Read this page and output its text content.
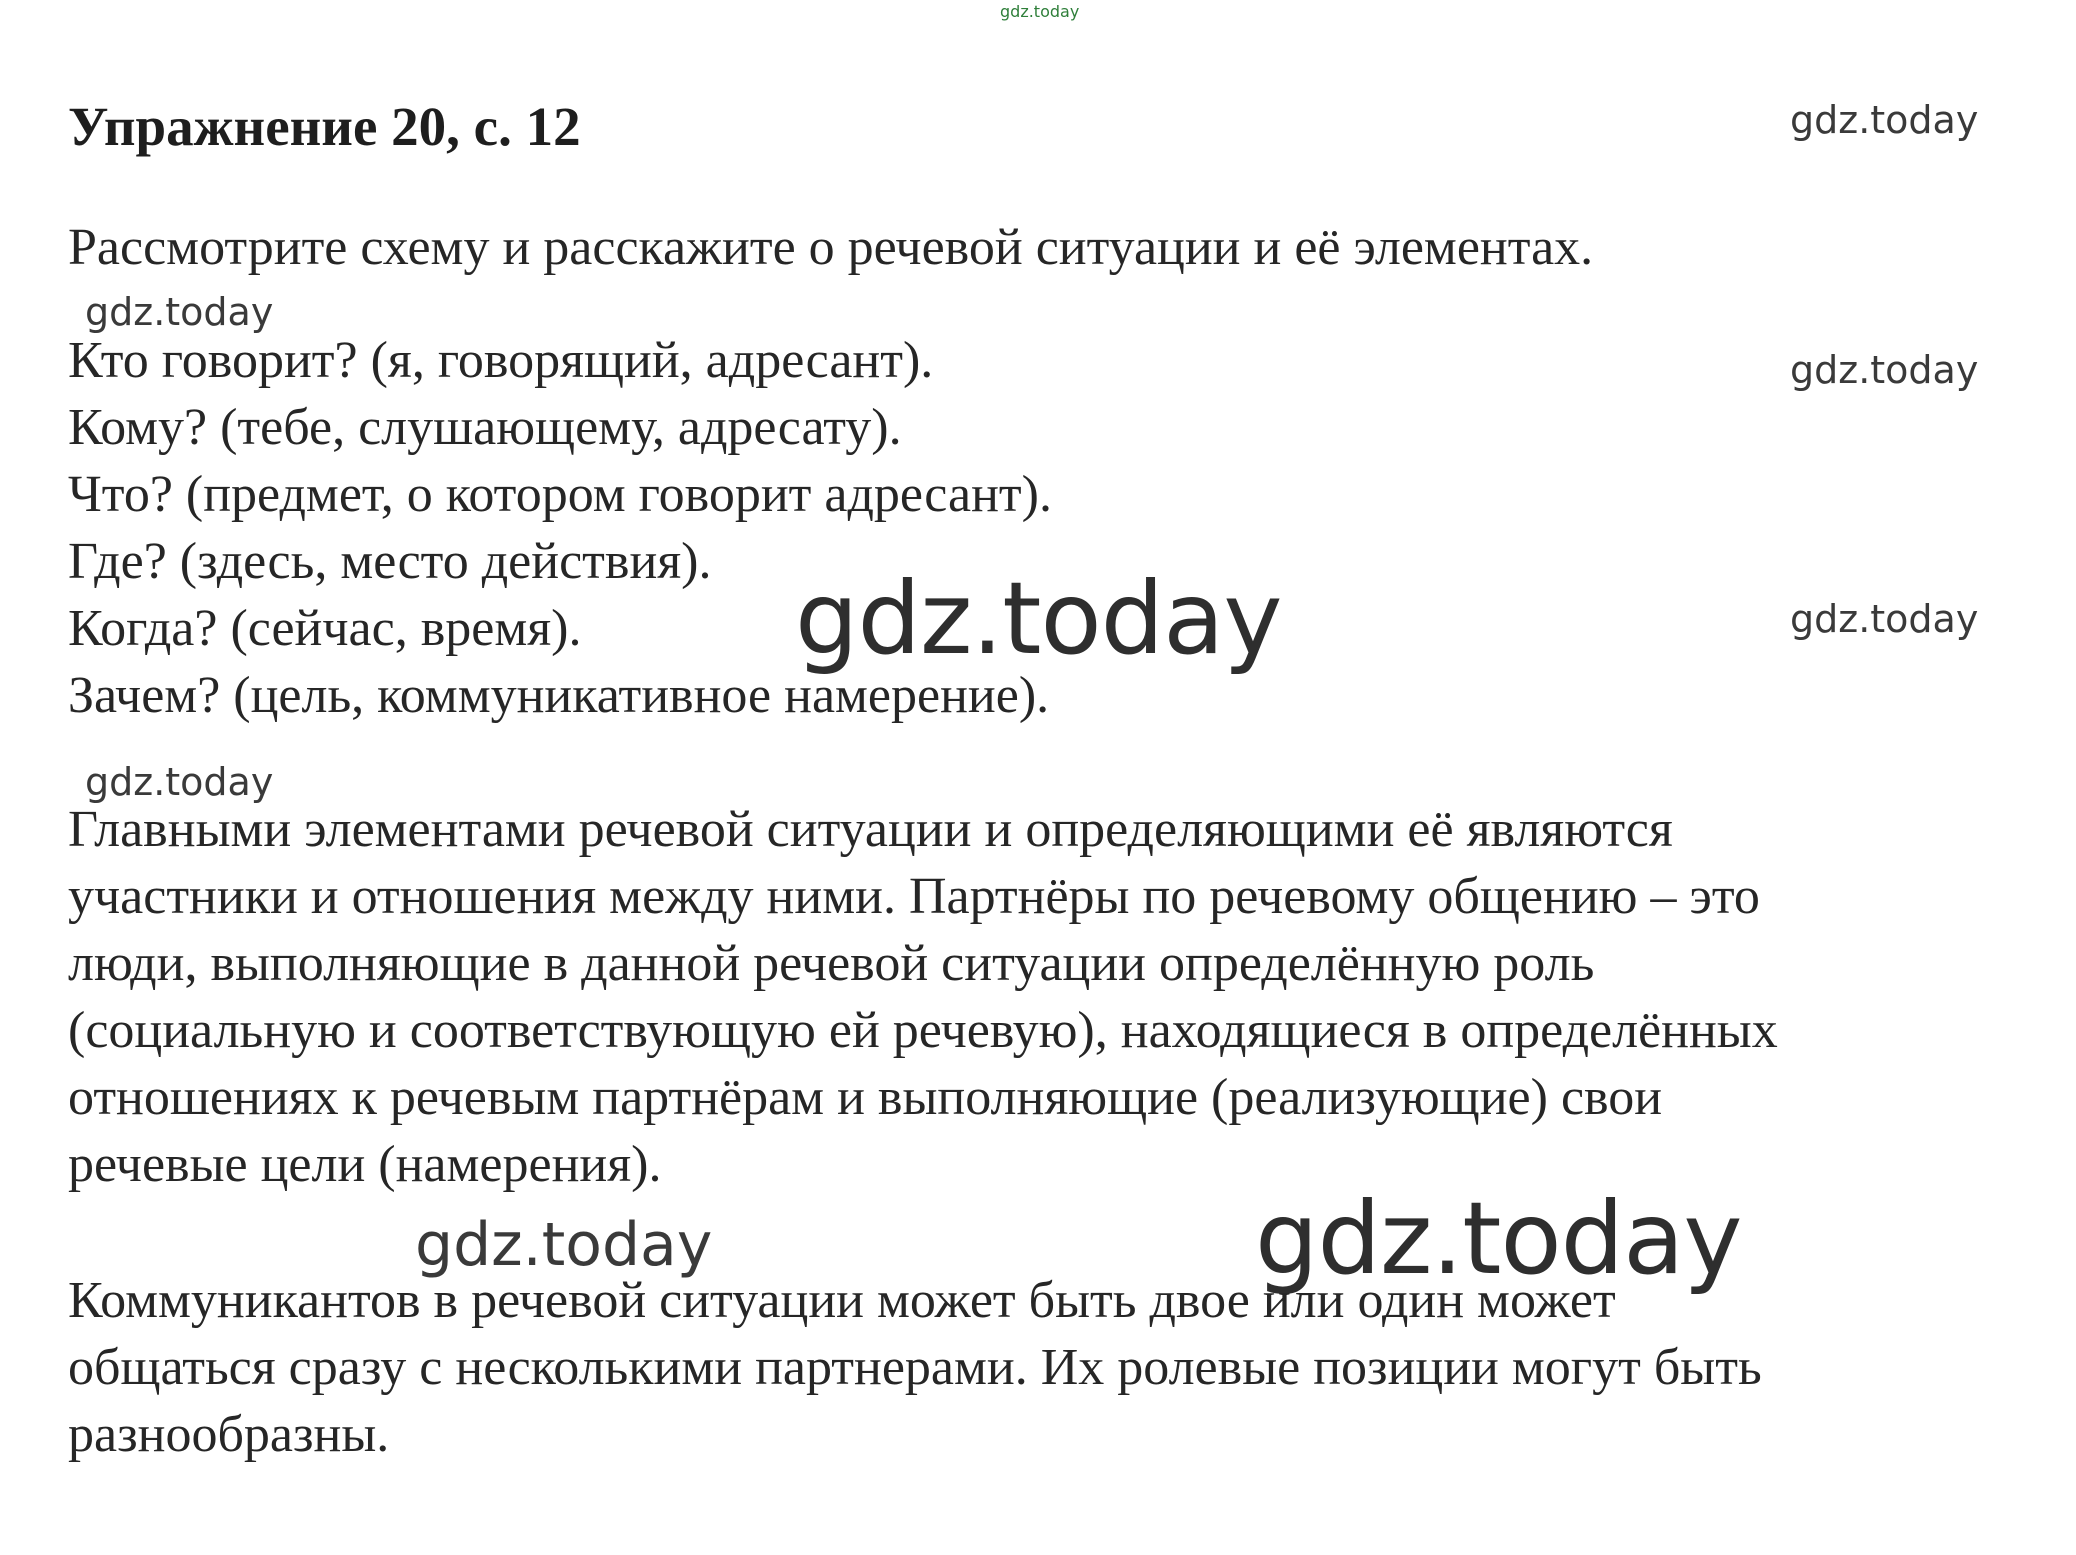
gdz.today
Упражнение 20, с. 12	gdz.today
Рассмотрите схему и расскажите о речевой ситуации и её элементах.
gdz.today
Кто говорит? (я, говорящий, адресант).
Кому? (тебе, слушающему, адресату).
Что? (предмет, о котором говорит адресант).
Где? (здесь, место действия).
Когда? (сейчас, время).
Зачем? (цель, коммуникативное намерение).
gdz.today
gdz.today	gdz.today
gdz.today
Главными элементами речевой ситуации и определяющими её являются
участники и отношения между ними. Партнёры по речевому общению – это
люди, выполняющие в данной речевой ситуации определённую роль
(социальную и соответствующую ей речевую), находящиеся в определённых
отношениях к речевым партнёрам и выполняющие (реализующие) свои
речевые цели (намерения).
gdz.today	gdz.today
Коммуникантов в речевой ситуации может быть двое или один может
общаться сразу с несколькими партнерами. Их ролевые позиции могут быть
разнообразны.
